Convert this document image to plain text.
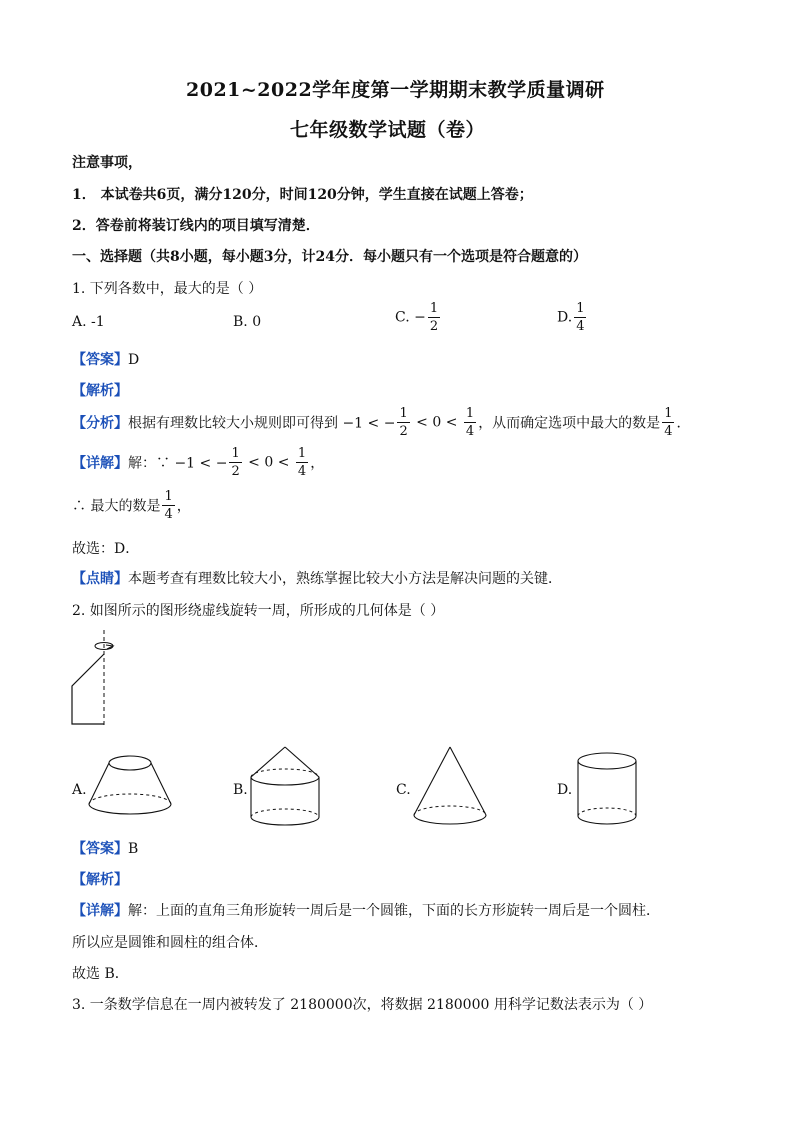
2021~2022学年度第一学期期末教学质量调研
七年级数学试题（卷）
注意事项，
1． 本试卷共6页，满分120分，时间120分钟，学生直接在试题上答卷；
2．答卷前将装订线内的项目填写清楚．
一、选择题（共8小题，每小题3分，计24分．每小题只有一个选项是符合题意的）
1. 下列各数中，最大的是（ ）
A. -1	B. 0	C. − $\frac{1}{2}$	D. $\frac{1}{4}$
【答案】D
【解析】
【分析】根据有理数比较大小规则即可得到 −1 < − $\frac{1}{2} < 0 < \frac{1}{4}$ ，从而确定选项中最大的数是 $\frac{1}{4}$ ．
【详解】解：∵ −1 < − $\frac{1}{2} < 0 < \frac{1}{4}$ ，
∴ 最大的数是 $\frac{1}{4}$ ，
故选：D．
【点睛】本题考查有理数比较大小，熟练掌握比较大小方法是解决问题的关键．
2. 如图所示的图形绕虚线旋转一周，所形成的几何体是（ ）
A.	B.	C.	D.
【答案】B
【解析】
【详解】解：上面的直角三角形旋转一周后是一个圆锥，下面的长方形旋转一周后是一个圆柱．
所以应是圆锥和圆柱的组合体．
故选 B．
3. 一条数学信息在一周内被转发了 2180000次，将数据 2180000 用科学记数法表示为（ ）
